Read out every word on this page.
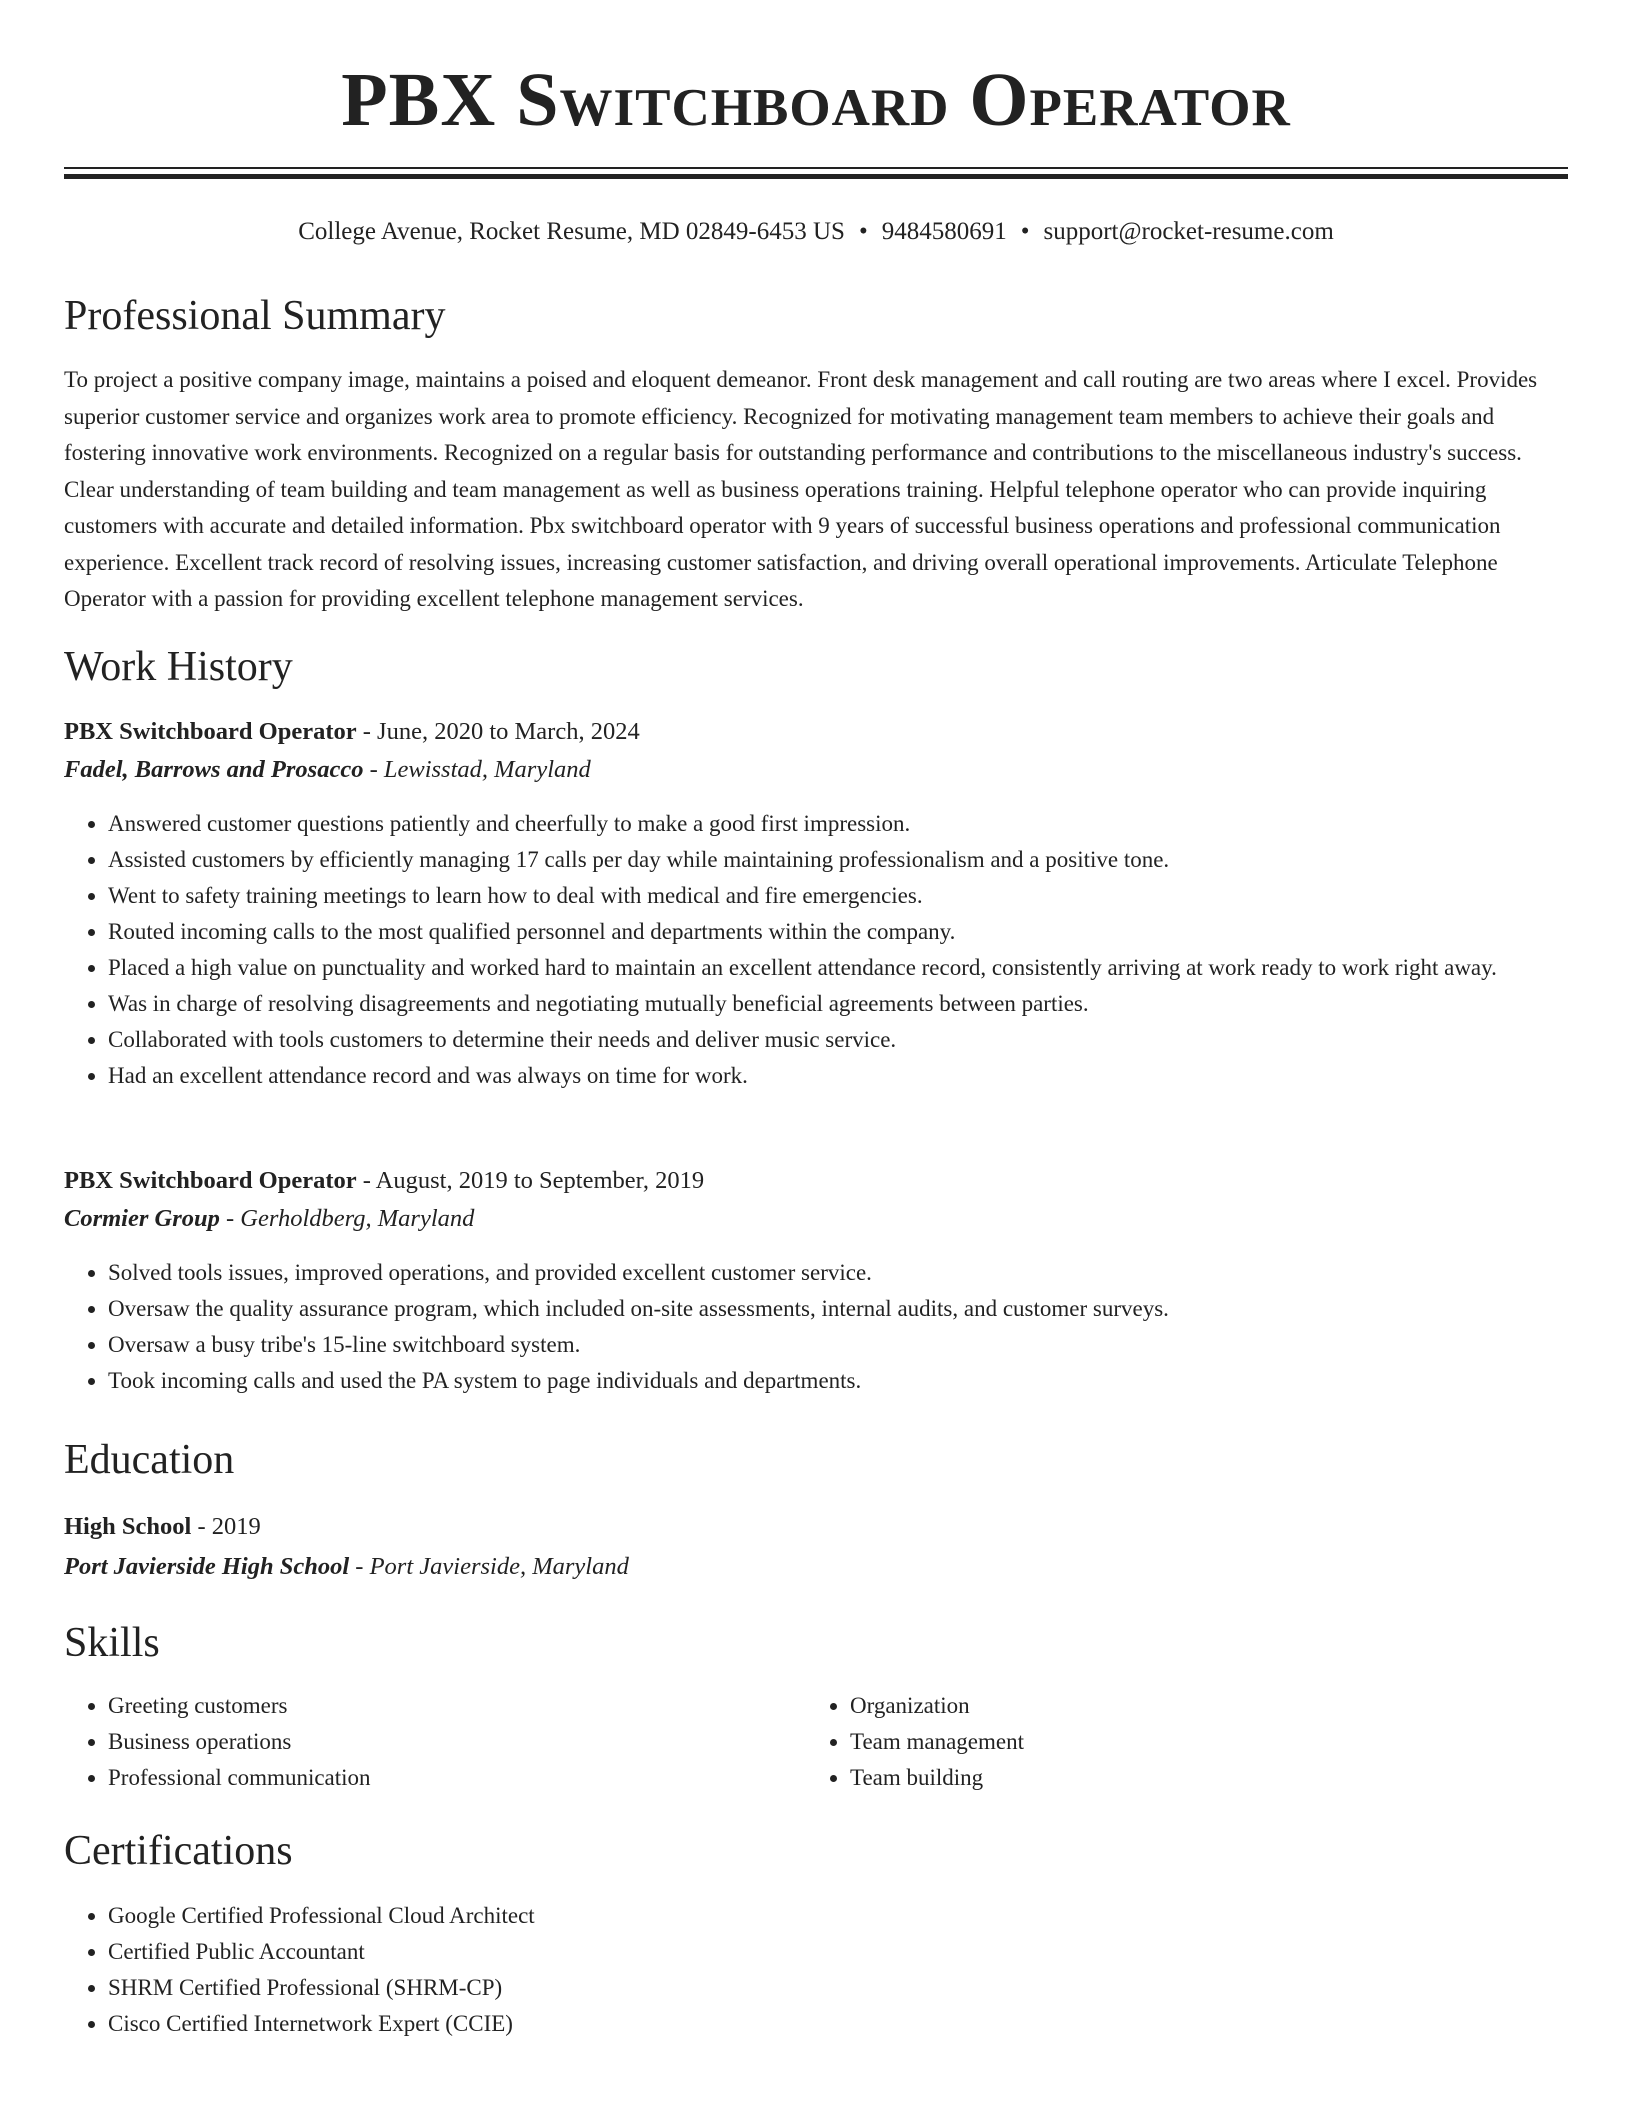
PBX Switchboard Operator
College Avenue, Rocket Resume, MD 02849-6453 US • 9484580691 • support@rocket-resume.com
Professional Summary
To project a positive company image, maintains a poised and eloquent demeanor. Front desk management and call routing are two areas where I excel. Provides superior customer service and organizes work area to promote efficiency. Recognized for motivating management team members to achieve their goals and fostering innovative work environments. Recognized on a regular basis for outstanding performance and contributions to the miscellaneous industry's success. Clear understanding of team building and team management as well as business operations training. Helpful telephone operator who can provide inquiring customers with accurate and detailed information. Pbx switchboard operator with 9 years of successful business operations and professional communication experience. Excellent track record of resolving issues, increasing customer satisfaction, and driving overall operational improvements. Articulate Telephone Operator with a passion for providing excellent telephone management services.
Work History
PBX Switchboard Operator - June, 2020 to March, 2024
Fadel, Barrows and Prosacco - Lewisstad, Maryland
• Answered customer questions patiently and cheerfully to make a good first impression.
• Assisted customers by efficiently managing 17 calls per day while maintaining professionalism and a positive tone.
• Went to safety training meetings to learn how to deal with medical and fire emergencies.
• Routed incoming calls to the most qualified personnel and departments within the company.
• Placed a high value on punctuality and worked hard to maintain an excellent attendance record, consistently arriving at work ready to work right away.
• Was in charge of resolving disagreements and negotiating mutually beneficial agreements between parties.
• Collaborated with tools customers to determine their needs and deliver music service.
• Had an excellent attendance record and was always on time for work.
PBX Switchboard Operator - August, 2019 to September, 2019
Cormier Group - Gerholdberg, Maryland
• Solved tools issues, improved operations, and provided excellent customer service.
• Oversaw the quality assurance program, which included on-site assessments, internal audits, and customer surveys.
• Oversaw a busy tribe's 15-line switchboard system.
• Took incoming calls and used the PA system to page individuals and departments.
Education
High School - 2019
Port Javierside High School - Port Javierside, Maryland
Skills
• Greeting customers
• Business operations
• Professional communication
• Organization
• Team management
• Team building
Certifications
• Google Certified Professional Cloud Architect
• Certified Public Accountant
• SHRM Certified Professional (SHRM-CP)
• Cisco Certified Internetwork Expert (CCIE)
